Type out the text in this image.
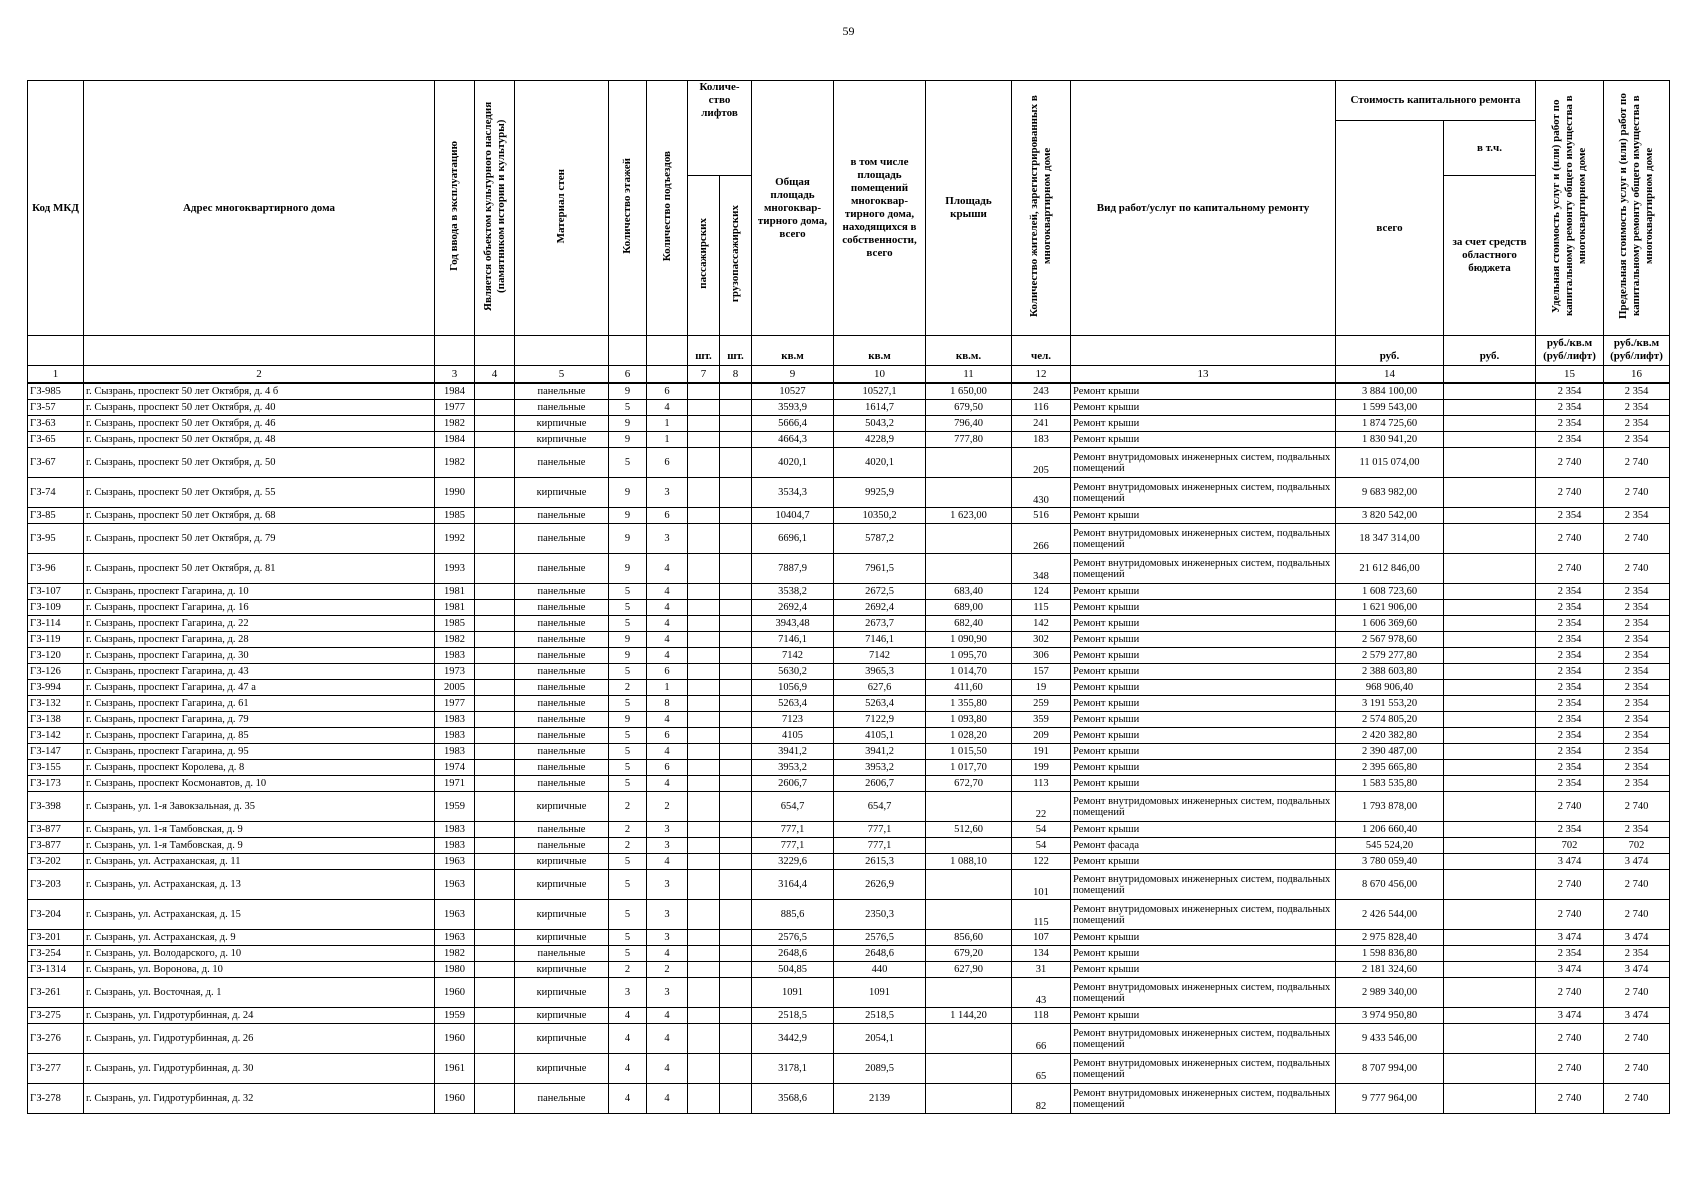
59
Код МКД	Адрес многоквартирного дома	Год ввода в эксплуатацию	Является объектом культурного наследия (памятником истории и культуры)	Материал стен	Количество этажей	Количество подъездов	Количе-ство лифтов		Общая площадь многоквар-тирного дома, всего	в том числе площадь помещений многоквар-тирного дома, находящихся в собственности, всего	Площадь крыши	Количество жителей, зарегистрированных в многоквартирном доме	Вид работ/услуг по капитальному ремонту	Стоимость капитального ремонта		Удельная стоимость услуг и (или) работ по капитальному ремонту общего имущества в многоквартирном доме	Предельная стоимость услуг и (или) работ по капитальному ремонту общего имущества в многоквартирном доме
														всего	в т.ч.		
							пассажирских	грузопассажирских							за счет средств областного бюджета		
							шт.	шт.	кв.м	кв.м	кв.м.	чел.		руб.	руб.	руб./кв.м (руб/лифт)	руб./кв.м (руб/лифт)
1	2	3	4	5	6		7	8	9	10	11	12	13	14		15	16
ГЗ-985	г. Сызрань, проспект 50 лет Октября, д. 4 б	1984		панельные	9	6			10527	10527,1	1 650,00	243	Ремонт крыши	3 884 100,00		2 354	2 354
ГЗ-57	г. Сызрань, проспект 50 лет Октября, д. 40	1977		панельные	5	4			3593,9	1614,7	679,50	116	Ремонт крыши	1 599 543,00		2 354	2 354
ГЗ-63	г. Сызрань, проспект 50 лет Октября, д. 46	1982		кирпичные	9	1			5666,4	5043,2	796,40	241	Ремонт крыши	1 874 725,60		2 354	2 354
ГЗ-65	г. Сызрань, проспект 50 лет Октября, д. 48	1984		кирпичные	9	1			4664,3	4228,9	777,80	183	Ремонт крыши	1 830 941,20		2 354	2 354
ГЗ-67	г. Сызрань, проспект 50 лет Октября, д. 50	1982		панельные	5	6			4020,1	4020,1		205	Ремонт внутридомовых инженерных систем, подвальных помещений	11 015 074,00		2 740	2 740
ГЗ-74	г. Сызрань, проспект 50 лет Октября, д. 55	1990		кирпичные	9	3			3534,3	9925,9		430	Ремонт внутридомовых инженерных систем, подвальных помещений	9 683 982,00		2 740	2 740
ГЗ-85	г. Сызрань, проспект 50 лет Октября, д. 68	1985		панельные	9	6			10404,7	10350,2	1 623,00	516	Ремонт крыши	3 820 542,00		2 354	2 354
ГЗ-95	г. Сызрань, проспект 50 лет Октября, д. 79	1992		панельные	9	3			6696,1	5787,2		266	Ремонт внутридомовых инженерных систем, подвальных помещений	18 347 314,00		2 740	2 740
ГЗ-96	г. Сызрань, проспект 50 лет Октября, д. 81	1993		панельные	9	4			7887,9	7961,5		348	Ремонт внутридомовых инженерных систем, подвальных помещений	21 612 846,00		2 740	2 740
ГЗ-107	г. Сызрань, проспект Гагарина, д. 10	1981		панельные	5	4			3538,2	2672,5	683,40	124	Ремонт крыши	1 608 723,60		2 354	2 354
ГЗ-109	г. Сызрань, проспект Гагарина, д. 16	1981		панельные	5	4			2692,4	2692,4	689,00	115	Ремонт крыши	1 621 906,00		2 354	2 354
ГЗ-114	г. Сызрань, проспект Гагарина, д. 22	1985		панельные	5	4			3943,48	2673,7	682,40	142	Ремонт крыши	1 606 369,60		2 354	2 354
ГЗ-119	г. Сызрань, проспект Гагарина, д. 28	1982		панельные	9	4			7146,1	7146,1	1 090,90	302	Ремонт крыши	2 567 978,60		2 354	2 354
ГЗ-120	г. Сызрань, проспект Гагарина, д. 30	1983		панельные	9	4			7142	7142	1 095,70	306	Ремонт крыши	2 579 277,80		2 354	2 354
ГЗ-126	г. Сызрань, проспект Гагарина, д. 43	1973		панельные	5	6			5630,2	3965,3	1 014,70	157	Ремонт крыши	2 388 603,80		2 354	2 354
ГЗ-994	г. Сызрань, проспект Гагарина, д. 47 а	2005		панельные	2	1			1056,9	627,6	411,60	19	Ремонт крыши	968 906,40		2 354	2 354
ГЗ-132	г. Сызрань, проспект Гагарина, д. 61	1977		панельные	5	8			5263,4	5263,4	1 355,80	259	Ремонт крыши	3 191 553,20		2 354	2 354
ГЗ-138	г. Сызрань, проспект Гагарина, д. 79	1983		панельные	9	4			7123	7122,9	1 093,80	359	Ремонт крыши	2 574 805,20		2 354	2 354
ГЗ-142	г. Сызрань, проспект Гагарина, д. 85	1983		панельные	5	6			4105	4105,1	1 028,20	209	Ремонт крыши	2 420 382,80		2 354	2 354
ГЗ-147	г. Сызрань, проспект Гагарина, д. 95	1983		панельные	5	4			3941,2	3941,2	1 015,50	191	Ремонт крыши	2 390 487,00		2 354	2 354
ГЗ-155	г. Сызрань, проспект Королева, д. 8	1974		панельные	5	6			3953,2	3953,2	1 017,70	199	Ремонт крыши	2 395 665,80		2 354	2 354
ГЗ-173	г. Сызрань, проспект Космонавтов, д. 10	1971		панельные	5	4			2606,7	2606,7	672,70	113	Ремонт крыши	1 583 535,80		2 354	2 354
ГЗ-398	г. Сызрань, ул. 1-я Завокзальная, д. 35	1959		кирпичные	2	2			654,7	654,7		22	Ремонт внутридомовых инженерных систем, подвальных помещений	1 793 878,00		2 740	2 740
ГЗ-877	г. Сызрань, ул. 1-я Тамбовская, д. 9	1983		панельные	2	3			777,1	777,1	512,60	54	Ремонт крыши	1 206 660,40		2 354	2 354
ГЗ-877	г. Сызрань, ул. 1-я Тамбовская, д. 9	1983		панельные	2	3			777,1	777,1		54	Ремонт фасада	545 524,20		702	702
ГЗ-202	г. Сызрань, ул. Астраханская, д. 11	1963		кирпичные	5	4			3229,6	2615,3	1 088,10	122	Ремонт крыши	3 780 059,40		3 474	3 474
ГЗ-203	г. Сызрань, ул. Астраханская, д. 13	1963		кирпичные	5	3			3164,4	2626,9		101	Ремонт внутридомовых инженерных систем, подвальных помещений	8 670 456,00		2 740	2 740
ГЗ-204	г. Сызрань, ул. Астраханская, д. 15	1963		кирпичные	5	3			885,6	2350,3		115	Ремонт внутридомовых инженерных систем, подвальных помещений	2 426 544,00		2 740	2 740
ГЗ-201	г. Сызрань, ул. Астраханская, д. 9	1963		кирпичные	5	3			2576,5	2576,5	856,60	107	Ремонт крыши	2 975 828,40		3 474	3 474
ГЗ-254	г. Сызрань, ул. Володарского, д. 10	1982		панельные	5	4			2648,6	2648,6	679,20	134	Ремонт крыши	1 598 836,80		2 354	2 354
ГЗ-1314	г. Сызрань, ул. Воронова, д. 10	1980		кирпичные	2	2			504,85	440	627,90	31	Ремонт крыши	2 181 324,60		3 474	3 474
ГЗ-261	г. Сызрань, ул. Восточная, д. 1	1960		кирпичные	3	3			1091	1091		43	Ремонт внутридомовых инженерных систем, подвальных помещений	2 989 340,00		2 740	2 740
ГЗ-275	г. Сызрань, ул. Гидротурбинная, д. 24	1959		кирпичные	4	4			2518,5	2518,5	1 144,20	118	Ремонт крыши	3 974 950,80		3 474	3 474
ГЗ-276	г. Сызрань, ул. Гидротурбинная, д. 26	1960		кирпичные	4	4			3442,9	2054,1		66	Ремонт внутридомовых инженерных систем, подвальных помещений	9 433 546,00		2 740	2 740
ГЗ-277	г. Сызрань, ул. Гидротурбинная, д. 30	1961		кирпичные	4	4			3178,1	2089,5		65	Ремонт внутридомовых инженерных систем, подвальных помещений	8 707 994,00		2 740	2 740
ГЗ-278	г. Сызрань, ул. Гидротурбинная, д. 32	1960		панельные	4	4			3568,6	2139		82	Ремонт внутридомовых инженерных систем, подвальных помещений	9 777 964,00		2 740	2 740
